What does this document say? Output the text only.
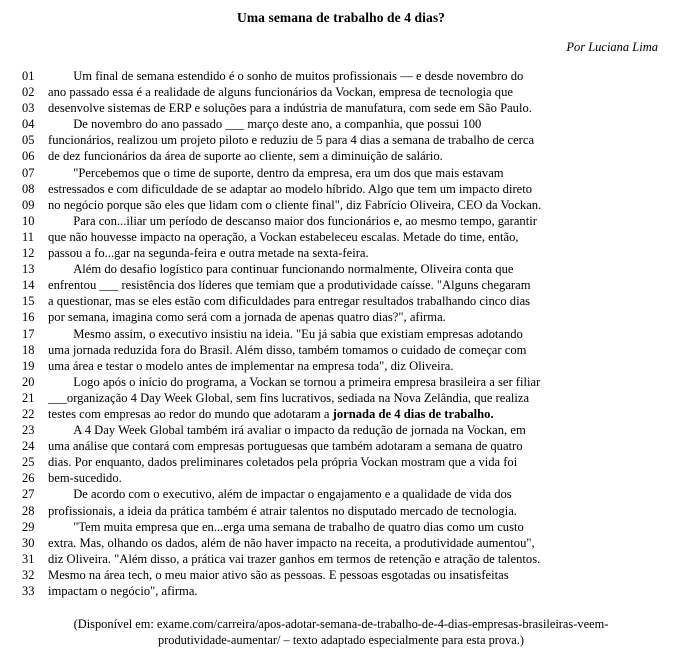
Uma semana de trabalho de 4 dias?
Por Luciana Lima
01	Um final de semana estendido é o sonho de muitos profissionais — e desde novembro do
02	ano passado essa é a realidade de alguns funcionários da Vockan, empresa de tecnologia que
03	desenvolve sistemas de ERP e soluções para a indústria de manufatura, com sede em São Paulo.
04	De novembro do ano passado ___ março deste ano, a companhia, que possui 100
05	funcionários, realizou um projeto piloto e reduziu de 5 para 4 dias a semana de trabalho de cerca
06	de dez funcionários da área de suporte ao cliente, sem a diminuição de salário.
07	"Percebemos que o time de suporte, dentro da empresa, era um dos que mais estavam
08	estressados e com dificuldade de se adaptar ao modelo híbrido. Algo que tem um impacto direto
09	no negócio porque são eles que lidam com o cliente final", diz Fabrício Oliveira, CEO da Vockan.
10	Para con...iliar um período de descanso maior dos funcionários e, ao mesmo tempo, garantir
11	que não houvesse impacto na operação, a Vockan estabeleceu escalas. Metade do time, então,
12	passou a fo...gar na segunda-feira e outra metade na sexta-feira.
13	Além do desafio logístico para continuar funcionando normalmente, Oliveira conta que
14	enfrentou ___ resistência dos líderes que temiam que a produtividade caísse. "Alguns chegaram
15	a questionar, mas se eles estão com dificuldades para entregar resultados trabalhando cinco dias
16	por semana, imagina como será com a jornada de apenas quatro dias?", afirma.
17	Mesmo assim, o executivo insistiu na ideia. "Eu já sabia que existiam empresas adotando
18	uma jornada reduzida fora do Brasil. Além disso, também tomamos o cuidado de começar com
19	uma área e testar o modelo antes de implementar na empresa toda", diz Oliveira.
20	Logo após o início do programa, a Vockan se tornou a primeira empresa brasileira a ser filiar
21	___organização 4 Day Week Global, sem fins lucrativos, sediada na Nova Zelândia, que realiza
22	testes com empresas ao redor do mundo que adotaram a jornada de 4 dias de trabalho.
23	A 4 Day Week Global também irá avaliar o impacto da redução de jornada na Vockan, em
24	uma análise que contará com empresas portuguesas que também adotaram a semana de quatro
25	dias. Por enquanto, dados preliminares coletados pela própria Vockan mostram que a vida foi
26	bem-sucedido.
27	De acordo com o executivo, além de impactar o engajamento e a qualidade de vida dos
28	profissionais, a ideia da prática também é atrair talentos no disputado mercado de tecnologia.
29	"Tem muita empresa que en...erga uma semana de trabalho de quatro dias como um custo
30	extra. Mas, olhando os dados, além de não haver impacto na receita, a produtividade aumentou",
31	diz Oliveira. "Além disso, a prática vai trazer ganhos em termos de retenção e atração de talentos.
32	Mesmo na área tech, o meu maior ativo são as pessoas. E pessoas esgotadas ou insatisfeitas
33	impactam o negócio", afirma.
(Disponível em: exame.com/carreira/apos-adotar-semana-de-trabalho-de-4-dias-empresas-brasileiras-veem-
produtividade-aumentar/ – texto adaptado especialmente para esta prova.)
